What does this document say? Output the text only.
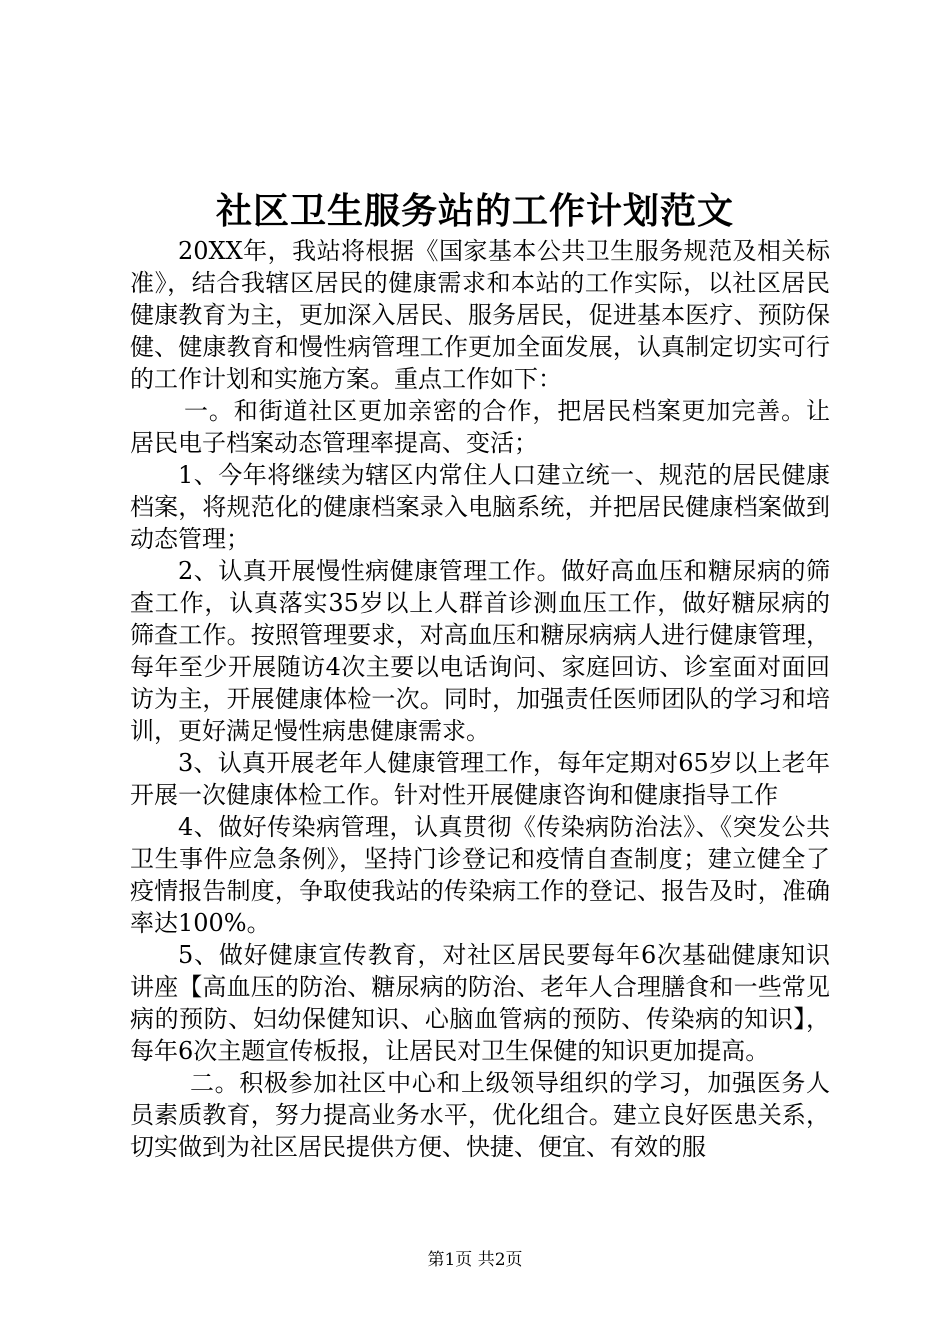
社区卫生服务站的工作计划范文

20XX年，我站将根据《国家基本公共卫生服务规范及相关标准》，结合我辖区居民的健康需求和本站的工作实际，以社区居民健康教育为主，更加深入居民、服务居民，促进基本医疗、预防保健、健康教育和慢性病管理工作更加全面发展，认真制定切实可行的工作计划和实施方案。重点工作如下：

一。和街道社区更加亲密的合作，把居民档案更加完善。让居民电子档案动态管理率提高、变活；

1、今年将继续为辖区内常住人口建立统一、规范的居民健康档案，将规范化的健康档案录入电脑系统，并把居民健康档案做到动态管理；

2、认真开展慢性病健康管理工作。做好高血压和糖尿病的筛查工作，认真落实35岁以上人群首诊测血压工作，做好糖尿病的筛查工作。按照管理要求，对高血压和糖尿病病人进行健康管理，每年至少开展随访4次主要以电话询问、家庭回访、诊室面对面回访为主，开展健康体检一次。同时，加强责任医师团队的学习和培训，更好满足慢性病患健康需求。

3、认真开展老年人健康管理工作，每年定期对65岁以上老年开展一次健康体检工作。针对性开展健康咨询和健康指导工作

4、做好传染病管理，认真贯彻《传染病防治法》、《突发公共卫生事件应急条例》，坚持门诊登记和疫情自查制度；建立健全了疫情报告制度，争取使我站的传染病工作的登记、报告及时，准确率达100%。

5、做好健康宣传教育，对社区居民要每年6次基础健康知识讲座【高血压的防治、糖尿病的防治、老年人合理膳食和一些常见病的预防、妇幼保健知识、心脑血管病的预防、传染病的知识】，每年6次主题宣传板报，让居民对卫生保健的知识更加提高。

二。积极参加社区中心和上级领导组织的学习，加强医务人员素质教育，努力提高业务水平，优化组合。建立良好医患关系，切实做到为社区居民提供方便、快捷、便宜、有效的服

第1页 共2页
